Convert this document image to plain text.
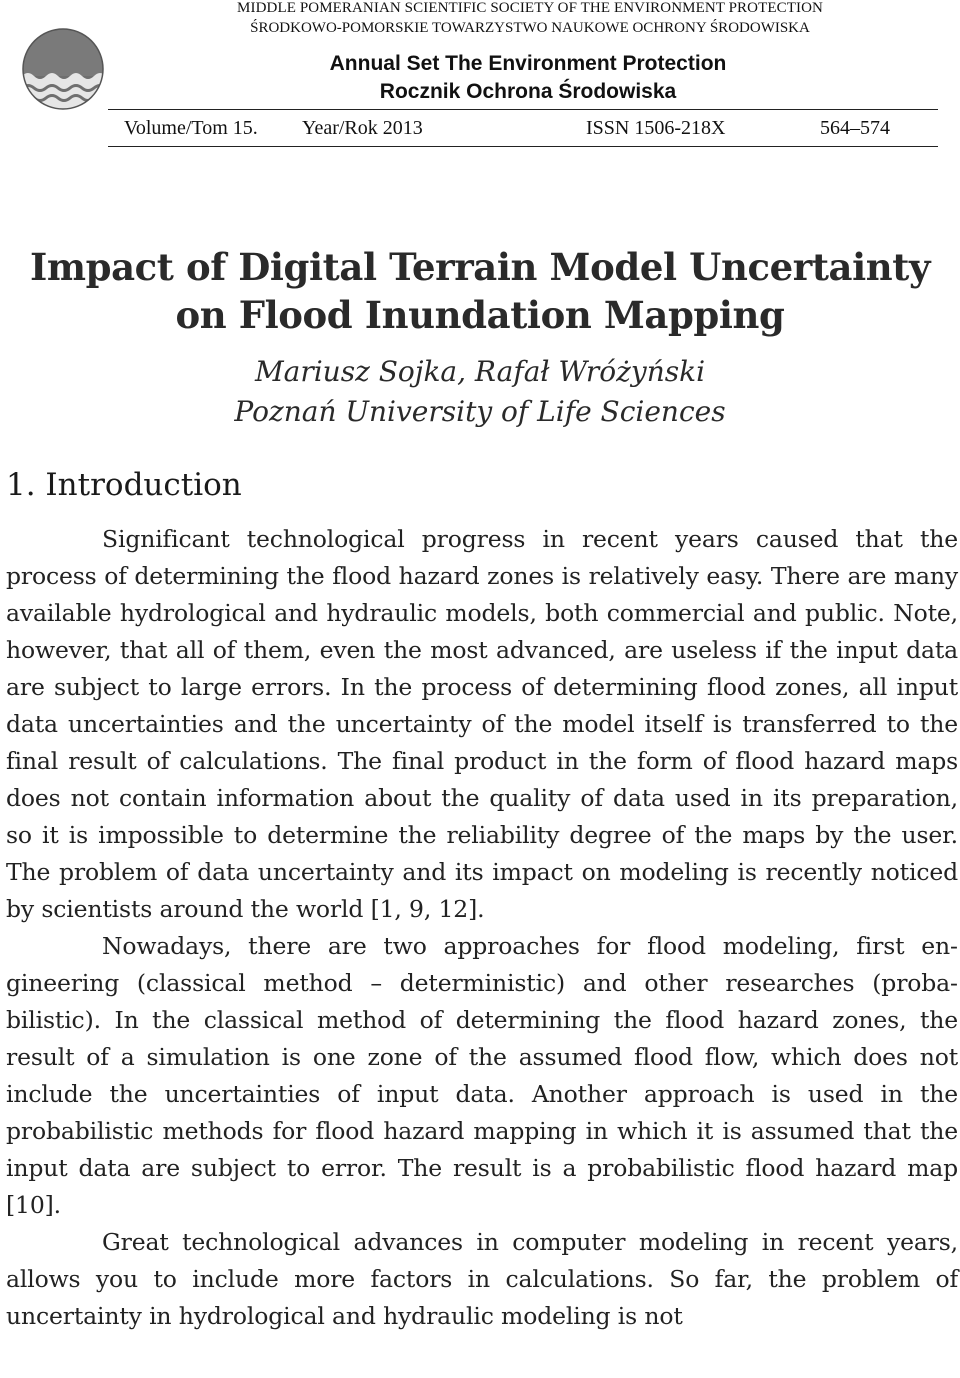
MIDDLE POMERANIAN SCIENTIFIC SOCIETY OF THE ENVIRONMENT PROTECTION
ŚRODKOWO-POMORSKIE TOWARZYSTWO NAUKOWE OCHRONY ŚRODOWISKA
Annual Set The Environment Protection
Rocznik Ochrona Środowiska
Volume/Tom 15. Year/Rok 2013	ISSN 1506-218X	564–574
Impact of Digital Terrain Model Uncertainty on Flood Inundation Mapping
Mariusz Sojka, Rafał Wróżyński
Poznań University of Life Sciences
1. Introduction

Significant technological progress in recent years caused that the process of determining the flood hazard zones is relatively easy. There are many available hydrological and hydraulic models, both commercial and public. Note, however, that all of them, even the most advanced, are useless if the input data are subject to large errors. In the process of determining flood zones, all input data uncertainties and the uncertainty of the model itself is transferred to the final result of calculations. The final product in the form of flood hazard maps does not contain information about the quality of data used in its preparation, so it is impossible to determine the reliability degree of the maps by the user. The problem of data uncertainty and its impact on modeling is recently noticed by scientists around the world [1, 9, 12].

Nowadays, there are two approaches for flood modeling, first engineering (classical method – deterministic) and other researches (probabilistic). In the classical method of determining the flood hazard zones, the result of a simulation is one zone of the assumed flood flow, which does not include the uncertainties of input data. Another approach is used in the probabilistic methods for flood hazard mapping in which it is assumed that the input data are subject to error. The result is a probabilistic flood hazard map [10].

Great technological advances in computer modeling in recent years, allows you to include more factors in calculations. So far, the problem of uncertainty in hydrological and hydraulic modeling is not
